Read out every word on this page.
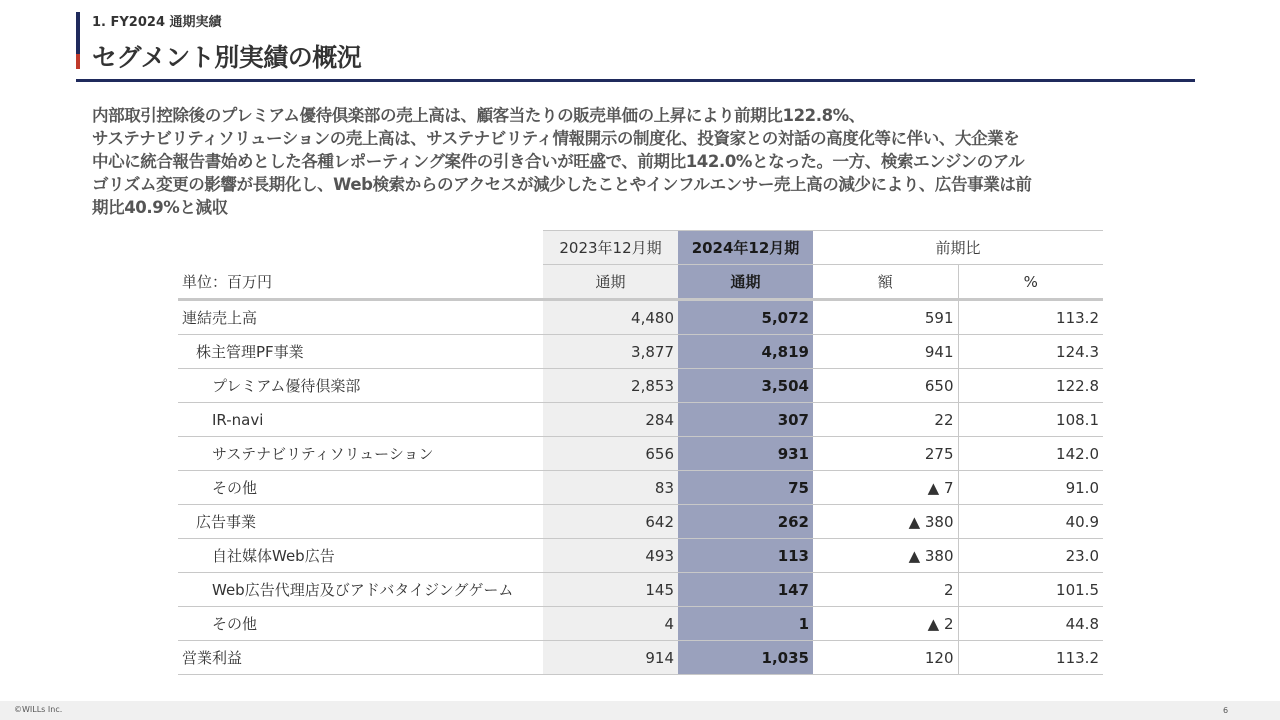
1. FY2024 通期実績
セグメント別実績の概況

内部取引控除後のプレミアム優待倶楽部の売上高は、顧客当たりの販売単価の上昇により前期比122.8%、

サステナビリティソリューションの売上高は、サステナビリティ情報開示の制度化、投資家との対話の高度化等に伴い、大企業を

中心に統合報告書始めとした各種レポーティング案件の引き合いが旺盛で、前期比142.0%となった。一方、検索エンジンのアル

ゴリズム変更の影響が長期化し、Web検索からのアクセスが減少したことやインフルエンサー売上高の減少により、広告事業は前

期比40.9%と減収

	2023年12月期	2024年12月期	前期比	
単位：百万円	通期	通期	額	%
連結売上高	4,480	5,072	591	113.2
株主管理PF事業	3,877	4,819	941	124.3
プレミアム優待倶楽部	2,853	3,504	650	122.8
IR-navi	284	307	22	108.1
サステナビリティソリューション	656	931	275	142.0
その他	83	75	▲ 7	91.0
広告事業	642	262	▲ 380	40.9
自社媒体Web広告	493	113	▲ 380	23.0
Web広告代理店及びアドバタイジングゲーム	145	147	2	101.5
その他	4	1	▲ 2	44.8
営業利益	914	1,035	120	113.2
©WILLs Inc.	6
